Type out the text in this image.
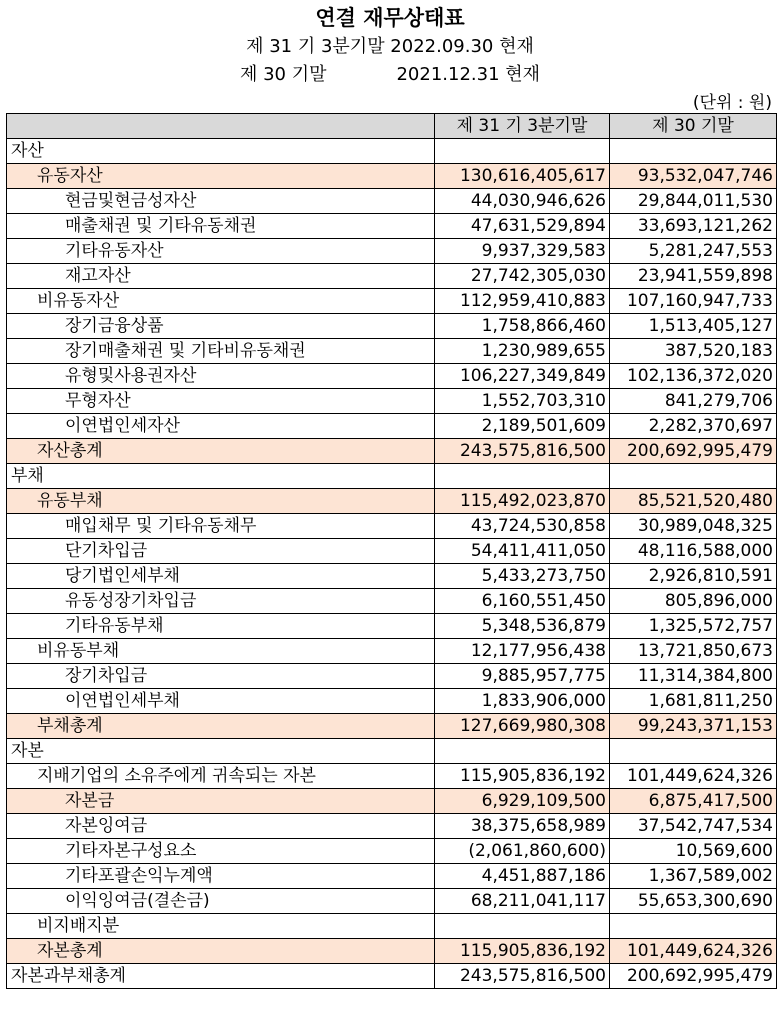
연결 재무상태표
제 31 기 3분기말 2022.09.30 현재
제 30 기말	2021.12.31 현재
(단위 : 원)
	제 31 기 3분기말	제 30 기말
자산		
유동자산	130,616,405,617	93,532,047,746
현금및현금성자산	44,030,946,626	29,844,011,530
매출채권 및 기타유동채권	47,631,529,894	33,693,121,262
기타유동자산	9,937,329,583	5,281,247,553
재고자산	27,742,305,030	23,941,559,898
비유동자산	112,959,410,883	107,160,947,733
장기금융상품	1,758,866,460	1,513,405,127
장기매출채권 및 기타비유동채권	1,230,989,655	387,520,183
유형및사용권자산	106,227,349,849	102,136,372,020
무형자산	1,552,703,310	841,279,706
이연법인세자산	2,189,501,609	2,282,370,697
자산총계	243,575,816,500	200,692,995,479
부채		
유동부채	115,492,023,870	85,521,520,480
매입채무 및 기타유동채무	43,724,530,858	30,989,048,325
단기차입금	54,411,411,050	48,116,588,000
당기법인세부채	5,433,273,750	2,926,810,591
유동성장기차입금	6,160,551,450	805,896,000
기타유동부채	5,348,536,879	1,325,572,757
비유동부채	12,177,956,438	13,721,850,673
장기차입금	9,885,957,775	11,314,384,800
이연법인세부채	1,833,906,000	1,681,811,250
부채총계	127,669,980,308	99,243,371,153
자본		
지배기업의 소유주에게 귀속되는 자본	115,905,836,192	101,449,624,326
자본금	6,929,109,500	6,875,417,500
자본잉여금	38,375,658,989	37,542,747,534
기타자본구성요소	(2,061,860,600)	10,569,600
기타포괄손익누계액	4,451,887,186	1,367,589,002
이익잉여금(결손금)	68,211,041,117	55,653,300,690
비지배지분		
자본총계	115,905,836,192	101,449,624,326
자본과부채총계	243,575,816,500	200,692,995,479
